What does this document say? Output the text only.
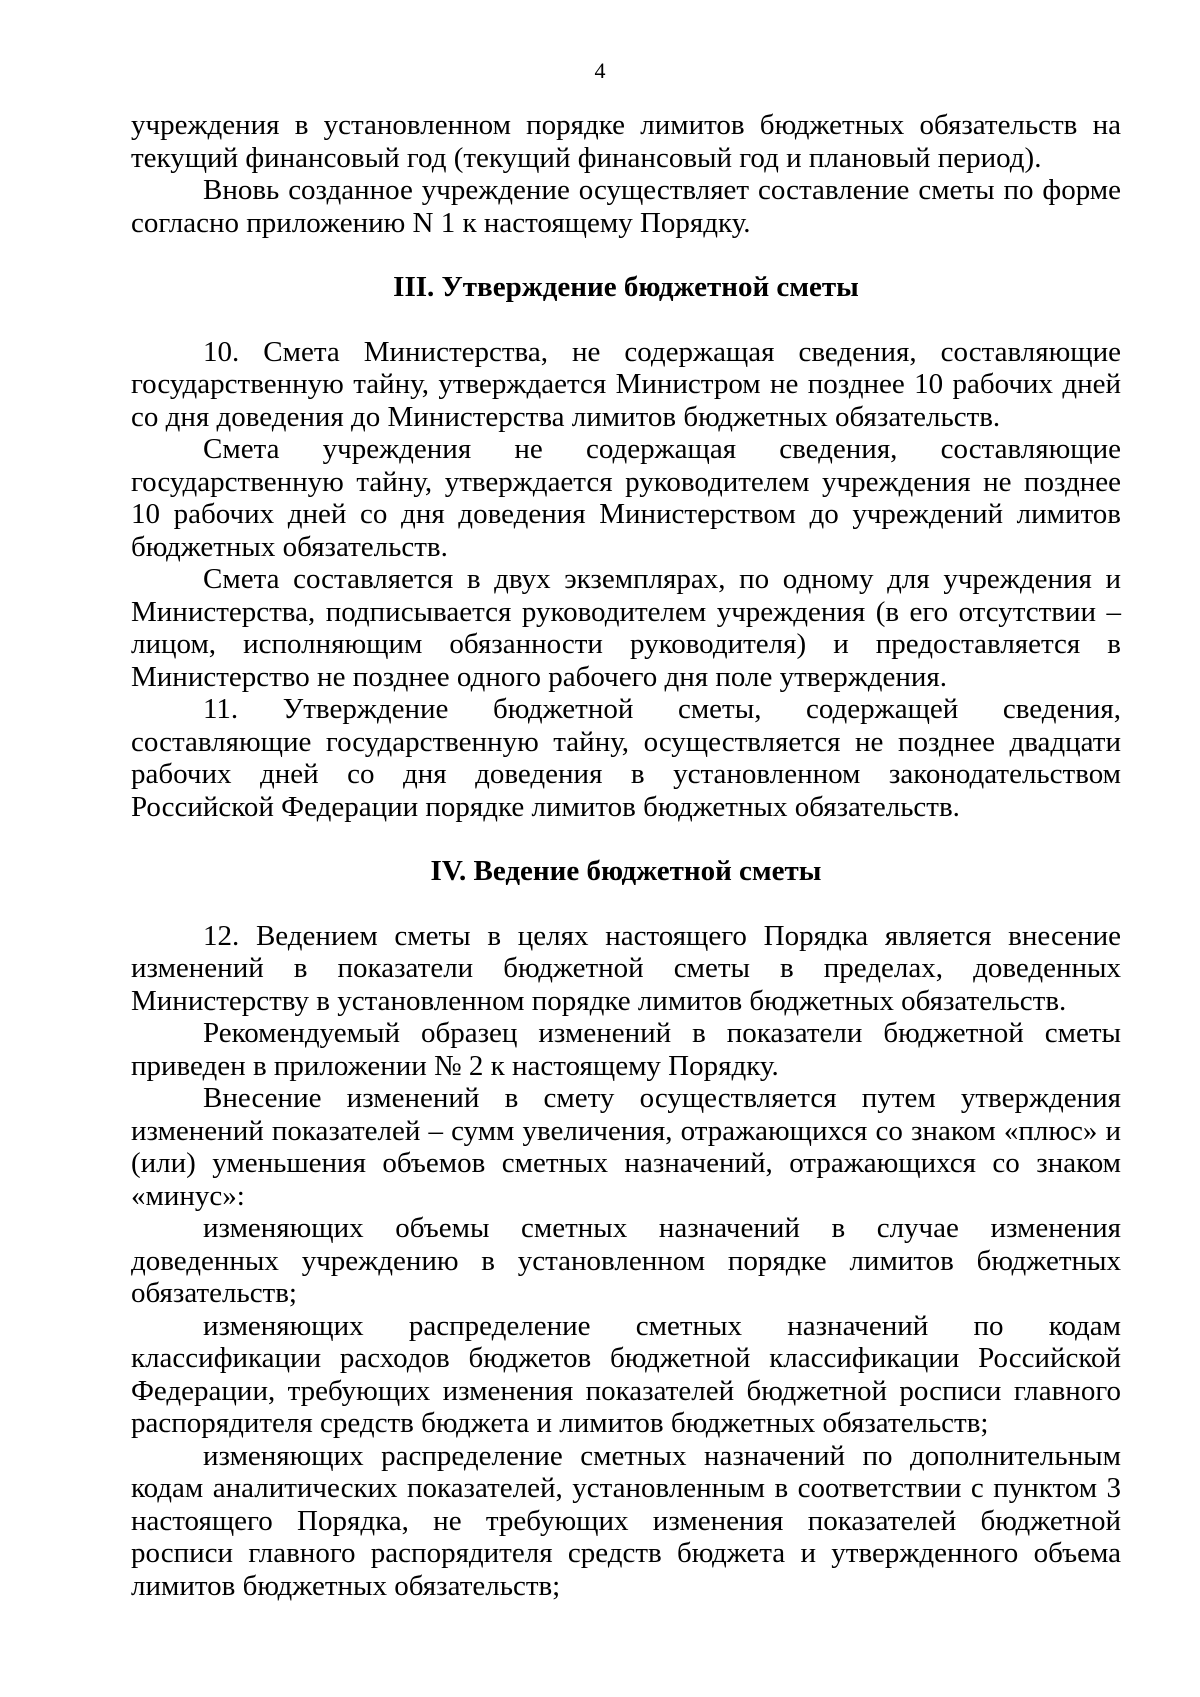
4

учреждения в установленном порядке лимитов бюджетных обязательств на текущий финансовый год (текущий финансовый год и плановый период).

Вновь созданное учреждение осуществляет составление сметы по форме согласно приложению N 1 к настоящему Порядку.

III. Утверждение бюджетной сметы

10. Смета Министерства, не содержащая сведения, составляющие государственную тайну, утверждается Министром не позднее 10 рабочих дней со дня доведения до Министерства лимитов бюджетных обязательств.

Смета учреждения не содержащая сведения, составляющие государственную тайну, утверждается руководителем учреждения не позднее 10 рабочих дней со дня доведения Министерством до учреждений лимитов бюджетных обязательств.

Смета составляется в двух экземплярах, по одному для учреждения и Министерства, подписывается руководителем учреждения (в его отсутствии – лицом, исполняющим обязанности руководителя) и предоставляется в Министерство не позднее одного рабочего дня поле утверждения.

11. Утверждение бюджетной сметы, содержащей сведения, составляющие государственную тайну, осуществляется не позднее двадцати рабочих дней со дня доведения в установленном законодательством Российской Федерации порядке лимитов бюджетных обязательств.

IV. Ведение бюджетной сметы

12. Ведением сметы в целях настоящего Порядка является внесение изменений в показатели бюджетной сметы в пределах, доведенных Министерству в установленном порядке лимитов бюджетных обязательств.

Рекомендуемый образец изменений в показатели бюджетной сметы приведен в приложении № 2 к настоящему Порядку.

Внесение изменений в смету осуществляется путем утверждения изменений показателей – сумм увеличения, отражающихся со знаком «плюс» и (или) уменьшения объемов сметных назначений, отражающихся со знаком «минус»:

изменяющих объемы сметных назначений в случае изменения доведенных учреждению в установленном порядке лимитов бюджетных обязательств;

изменяющих распределение сметных назначений по кодам классификации расходов бюджетов бюджетной классификации Российской Федерации, требующих изменения показателей бюджетной росписи главного распорядителя средств бюджета и лимитов бюджетных обязательств;

изменяющих распределение сметных назначений по дополнительным кодам аналитических показателей, установленным в соответствии с пунктом 3 настоящего Порядка, не требующих изменения показателей бюджетной росписи главного распорядителя средств бюджета и утвержденного объема лимитов бюджетных обязательств;
